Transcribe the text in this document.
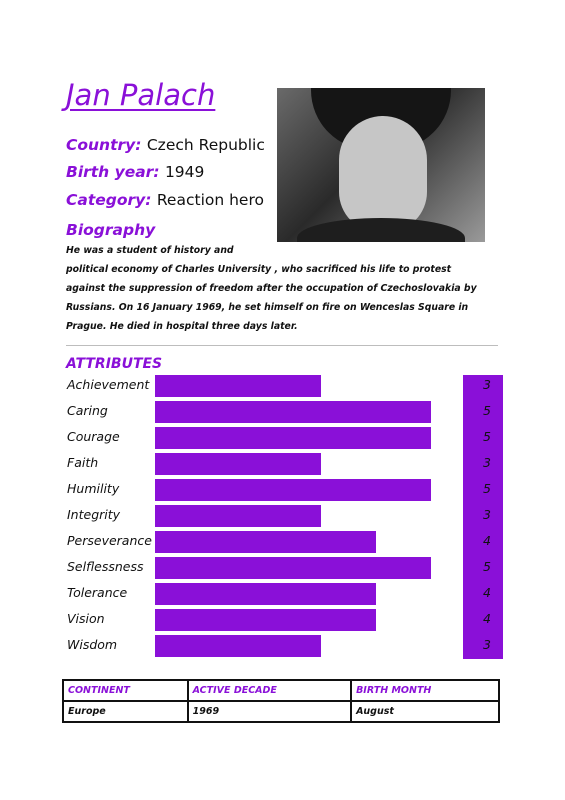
Jan Palach
Country: Czech Republic
Birth year: 1949
Category: Reaction hero
Biography
He was a student of history and
political economy of Charles University , who sacrificed his life to protest
against the suppression of freedom after the occupation of Czechoslovakia by
Russians. On 16 January 1969, he set himself on fire on Wenceslas Square in
Prague. He died in hospital three days later.
ATTRIBUTES
Achievement	3
Caring	5
Courage	5
Faith	3
Humility	5
Integrity	3
Perseverance	4
Selflessness	5
Tolerance	4
Vision	4
Wisdom	3
CONTINENT	ACTIVE DECADE	BIRTH MONTH
Europe	1969	August
